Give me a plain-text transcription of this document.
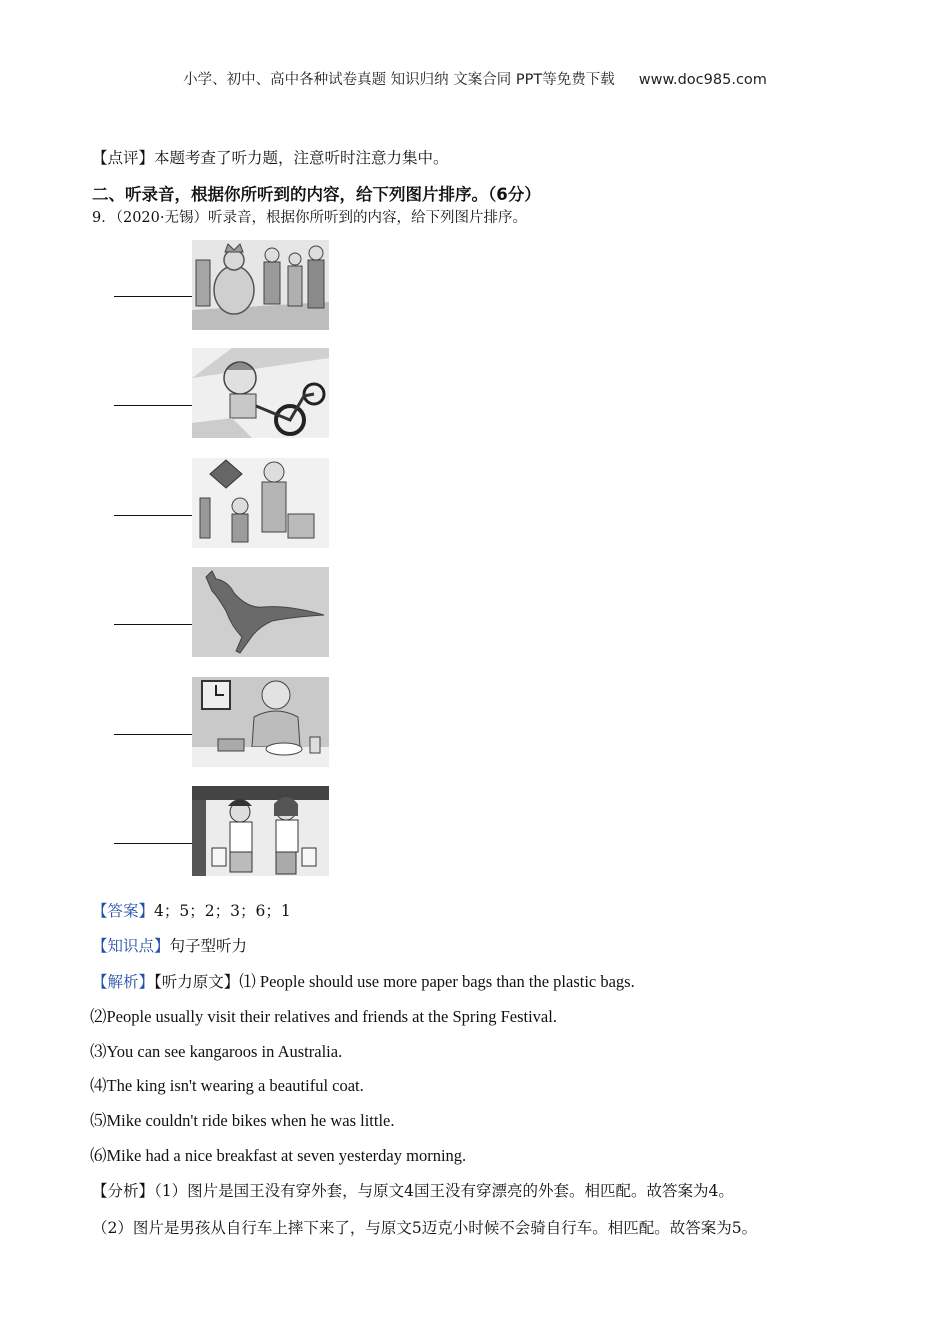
小学、初中、高中各种试卷真题 知识归纳 文案合同 PPT等免费下载 www.doc985.com
【点评】本题考查了听力题，注意听时注意力集中。
二、听录音，根据你所听到的内容，给下列图片排序。（6分）
9．（2020·无锡）听录音，根据你所听到的内容，给下列图片排序。
【答案】4；5；2；3；6；1
【知识点】句子型听力
【解析】【听力原文】⑴ People should use more paper bags than the plastic bags.
⑵People usually visit their relatives and friends at the Spring Festival.
⑶You can see kangaroos in Australia.
⑷The king isn't wearing a beautiful coat.
⑸Mike couldn't ride bikes when he was little.
⑹Mike had a nice breakfast at seven yesterday morning.
【分析】（1）图片是国王没有穿外套，与原文4国王没有穿漂亮的外套。相匹配。故答案为4。
（2）图片是男孩从自行车上摔下来了，与原文5迈克小时候不会骑自行车。相匹配。故答案为5。
